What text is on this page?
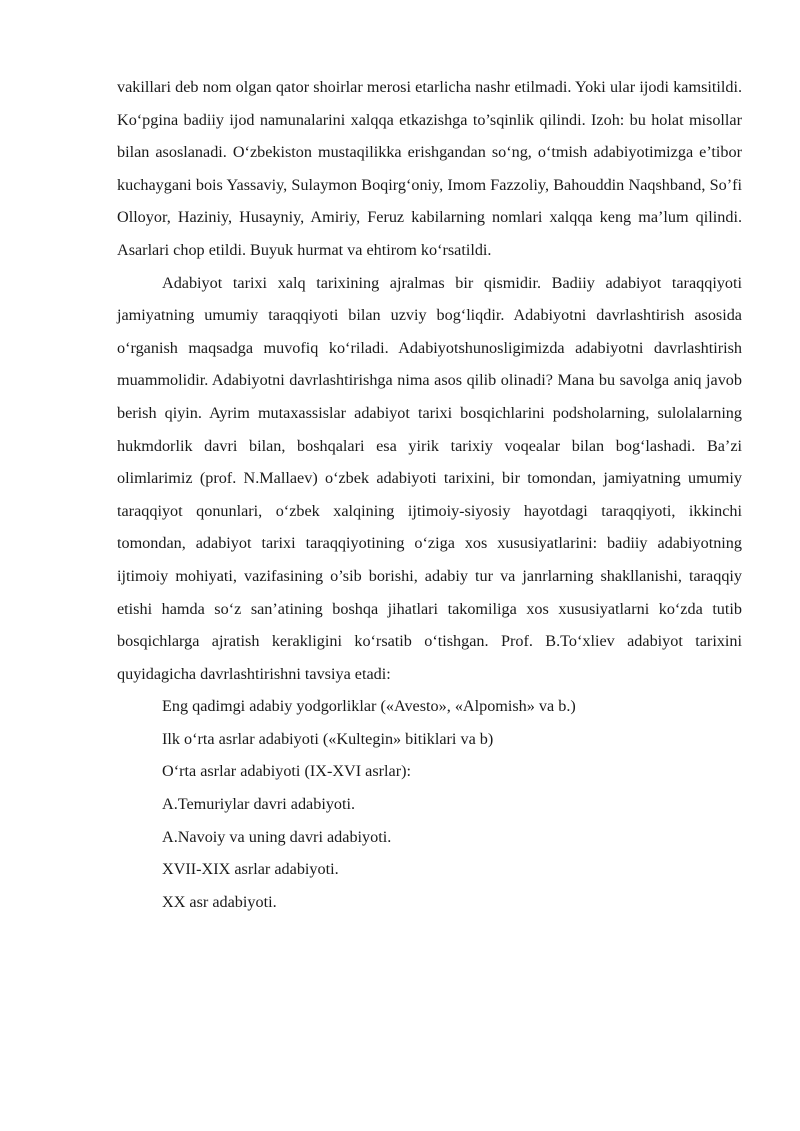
vakillari deb nom olgan qator shoirlar merosi etarlicha nashr etilmadi. Yoki ular ijodi kamsitildi. Ko‘pgina badiiy ijod namunalarini xalqqa etkazishga to’sqinlik qilindi. Izoh: bu holat misollar bilan asoslanadi. O‘zbekiston mustaqilikka erishgandan so‘ng, o‘tmish adabiyotimizga e’tibor kuchaygani bois Yassaviy, Sulaymon Boqirg‘oniy, Imom Fazzoliy, Bahouddin Naqshband, So’fi Olloyor, Haziniy, Husayniy, Amiriy, Feruz kabilarning nomlari xalqqa keng ma’lum qilindi. Asarlari chop etildi. Buyuk hurmat va ehtirom ko‘rsatildi.

Adabiyot tarixi xalq tarixining ajralmas bir qismidir. Badiiy adabiyot taraqqiyoti jamiyatning umumiy taraqqiyoti bilan uzviy bog‘liqdir. Adabiyotni davrlashtirish asosida o‘rganish maqsadga muvofiq ko‘riladi. Adabiyotshunosligimizda adabiyotni davrlashtirish muammolidir. Adabiyotni davrlashtirishga nima asos qilib olinadi? Mana bu savolga aniq javob berish qiyin. Ayrim mutaxassislar adabiyot tarixi bosqichlarini podsholarning, sulolalarning hukmdorlik davri bilan, boshqalari esa yirik tarixiy voqealar bilan bog‘lashadi. Ba’zi olimlarimiz (prof. N.Mallaev) o‘zbek adabiyoti tarixini, bir tomondan, jamiyatning umumiy taraqqiyot qonunlari, o‘zbek xalqining ijtimoiy-siyosiy hayotdagi taraqqiyoti, ikkinchi tomondan, adabiyot tarixi taraqqiyotining o‘ziga xos xususiyatlarini: badiiy adabiyotning ijtimoiy mohiyati, vazifasining o’sib borishi, adabiy tur va janrlarning shakllanishi, taraqqiy etishi hamda so‘z san’atining boshqa jihatlari takomiliga xos xususiyatlarni ko‘zda tutib bosqichlarga ajratish kerakligini ko‘rsatib o‘tishgan. Prof. B.To‘xliev adabiyot tarixini quyidagicha davrlashtirishni tavsiya etadi:

Eng qadimgi adabiy yodgorliklar («Avesto», «Alpomish» va b.)
Ilk o‘rta asrlar adabiyoti («Kultegin» bitiklari va b)
O‘rta asrlar adabiyoti (IX-XVI asrlar):
A.Temuriylar davri adabiyoti.
A.Navoiy va uning davri adabiyoti.
XVII-XIX asrlar adabiyoti.
XX asr adabiyoti.
